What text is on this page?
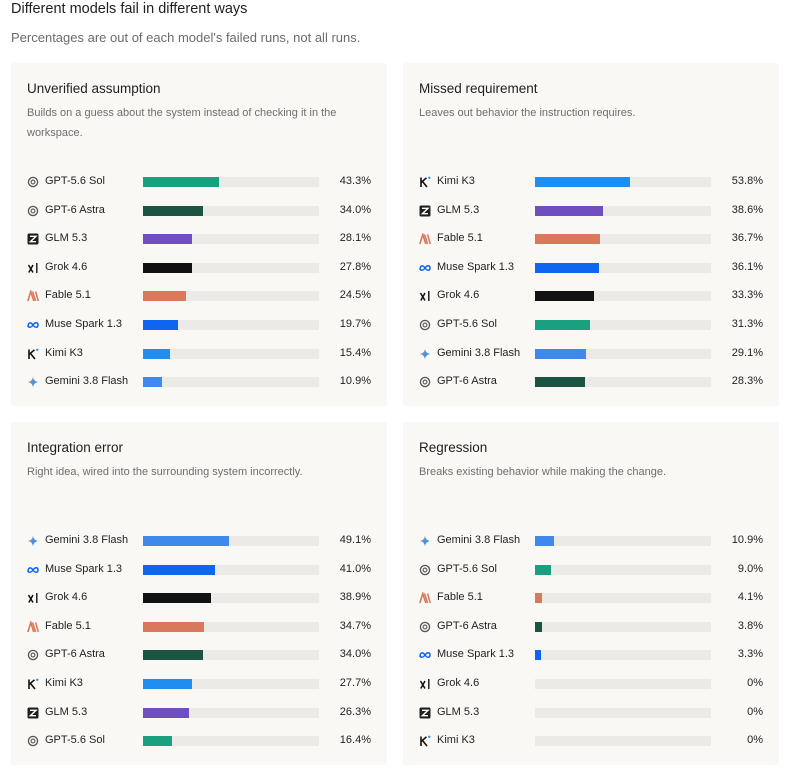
Different models fail in different ways
Percentages are out of each model's failed runs, not all runs.
Unverified assumption
Builds on a guess about the system instead of checking it in the workspace.
GPT-5.6 Sol	43.3%
GPT-6 Astra	34.0%
GLM 5.3	28.1%
Grok 4.6	27.8%
Fable 5.1	24.5%
Muse Spark 1.3	19.7%
Kimi K3	15.4%
Gemini 3.8 Flash	10.9%
Missed requirement
Leaves out behavior the instruction requires.
Kimi K3	53.8%
GLM 5.3	38.6%
Fable 5.1	36.7%
Muse Spark 1.3	36.1%
Grok 4.6	33.3%
GPT-5.6 Sol	31.3%
Gemini 3.8 Flash	29.1%
GPT-6 Astra	28.3%
Integration error
Right idea, wired into the surrounding system incorrectly.
Gemini 3.8 Flash	49.1%
Muse Spark 1.3	41.0%
Grok 4.6	38.9%
Fable 5.1	34.7%
GPT-6 Astra	34.0%
Kimi K3	27.7%
GLM 5.3	26.3%
GPT-5.6 Sol	16.4%
Regression
Breaks existing behavior while making the change.
Gemini 3.8 Flash	10.9%
GPT-5.6 Sol	9.0%
Fable 5.1	4.1%
GPT-6 Astra	3.8%
Muse Spark 1.3	3.3%
Grok 4.6	0%
GLM 5.3	0%
Kimi K3	0%
